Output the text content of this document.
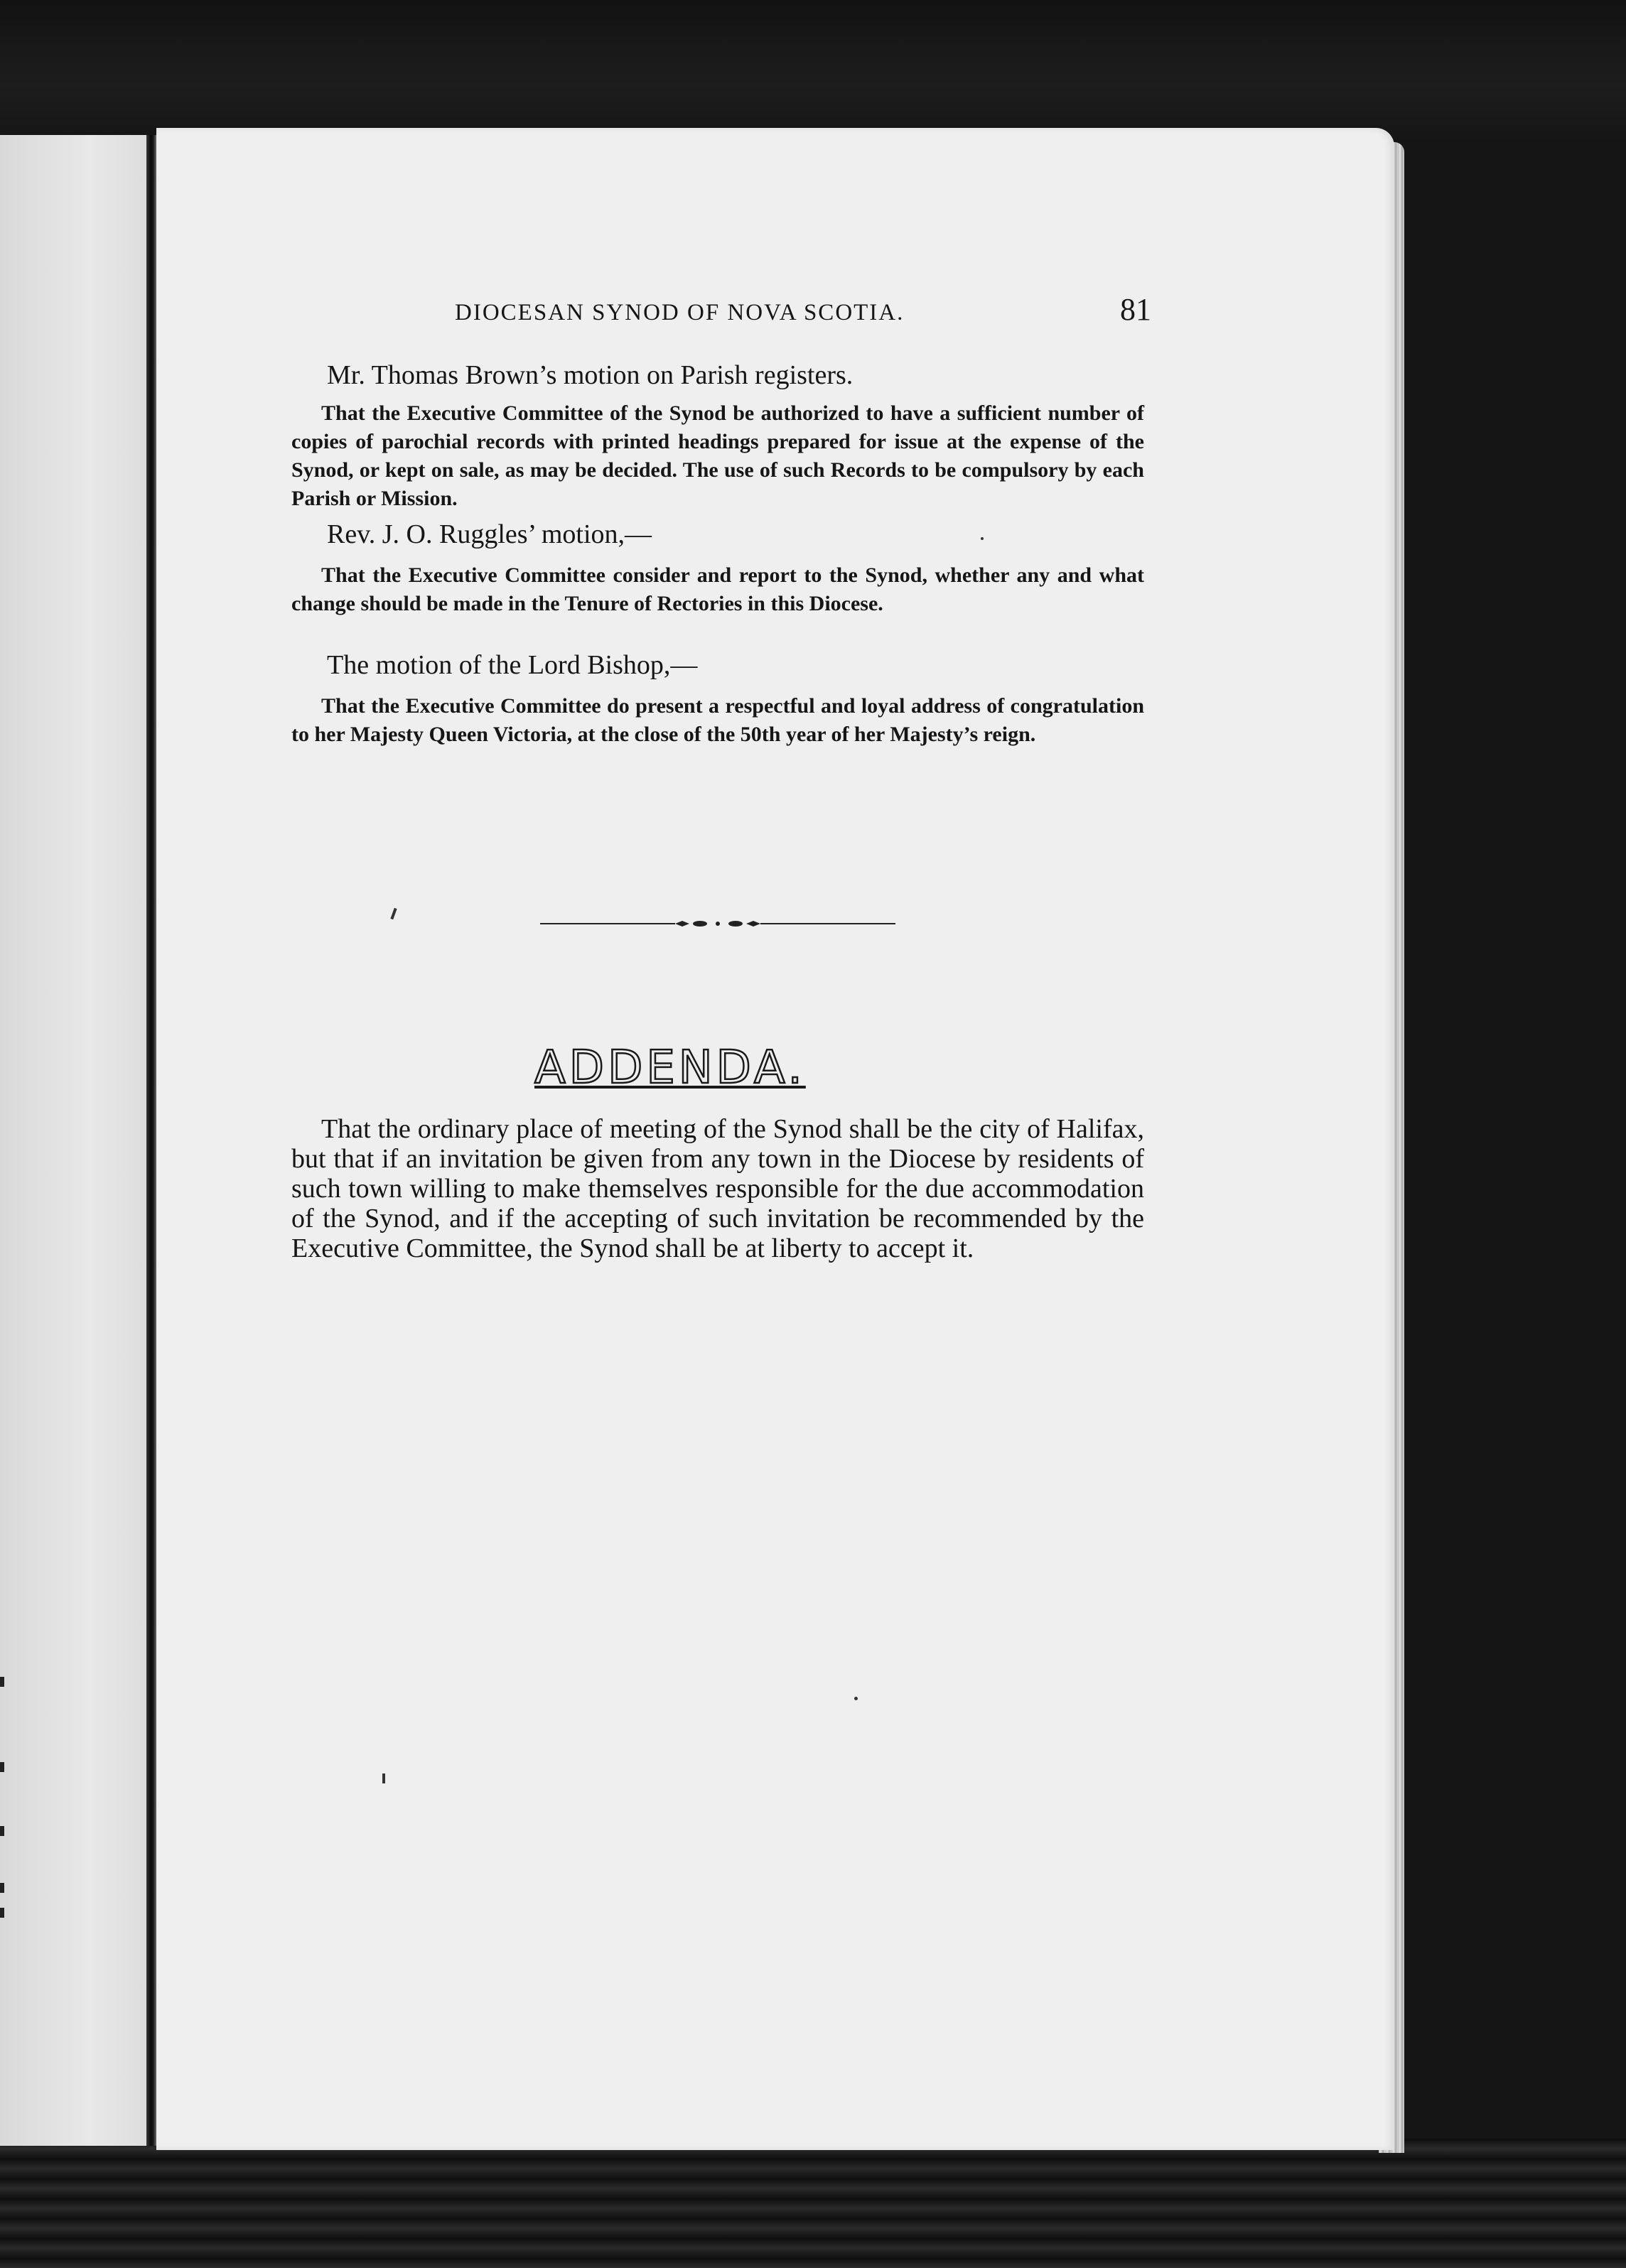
DIOCESAN SYNOD OF NOVA SCOTIA.	81
Mr. Thomas Brown’s motion on Parish registers.
That the Executive Committee of the Synod be authorized to have a sufficient number of copies of parochial records with printed headings prepared for issue at the expense of the Synod, or kept on sale, as may be decided. The use of such Records to be compulsory by each Parish or Mission.
Rev. J. O. Ruggles’ motion,—
That the Executive Committee consider and report to the Synod, whether any and what change should be made in the Tenure of Rectories in this Diocese.
The motion of the Lord Bishop,—
That the Executive Committee do present a respectful and loyal address of congratulation to her Majesty Queen Victoria, at the close of the 50th year of her Majesty’s reign.
ADDENDA.
That the ordinary place of meeting of the Synod shall be the city of Halifax, but that if an invitation be given from any town in the Diocese by residents of such town willing to make themselves responsible for the due accommodation of the Synod, and if the accepting of such invitation be recommended by the Executive Committee, the Synod shall be at liberty to accept it.
